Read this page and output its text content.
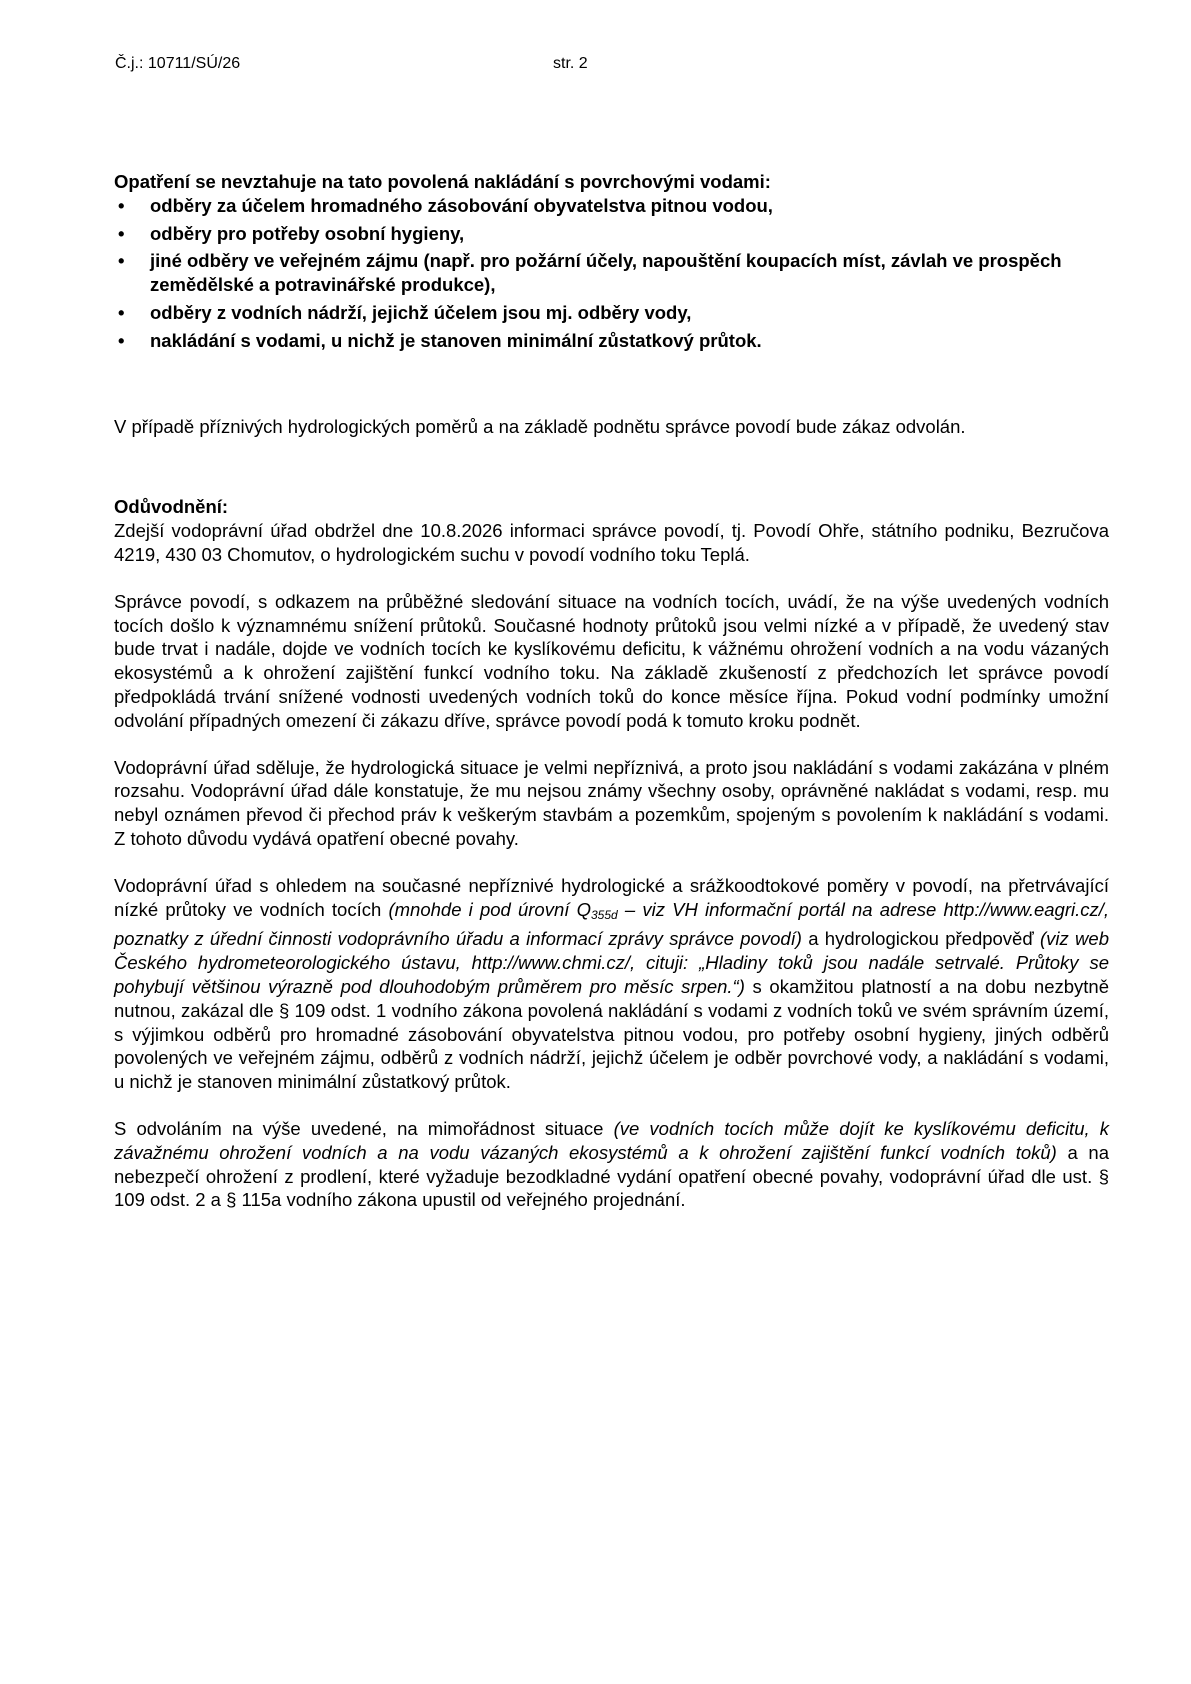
Č.j.: 10711/SÚ/26	str. 2

Opatření se nevztahuje na tato povolená nakládání s povrchovými vodami:

• odběry za účelem hromadného zásobování obyvatelstva pitnou vodou,
• odběry pro potřeby osobní hygieny,
• jiné odběry ve veřejném zájmu (např. pro požární účely, napouštění koupacích míst, závlah ve prospěch zemědělské a potravinářské produkce),
• odběry z vodních nádrží, jejichž účelem jsou mj. odběry vody,
• nakládání s vodami, u nichž je stanoven minimální zůstatkový průtok.

V případě příznivých hydrologických poměrů a na základě podnětu správce povodí bude zákaz odvolán.

Odůvodnění:

Zdejší vodoprávní úřad obdržel dne 10.8.2026 informaci správce povodí, tj. Povodí Ohře, státního podniku, Bezručova 4219, 430 03 Chomutov, o hydrologickém suchu v povodí vodního toku Teplá.

Správce povodí, s odkazem na průběžné sledování situace na vodních tocích, uvádí, že na výše uvedených vodních tocích došlo k významnému snížení průtoků. Současné hodnoty průtoků jsou velmi nízké a v případě, že uvedený stav bude trvat i nadále, dojde ve vodních tocích ke kyslíkovému deficitu, k vážnému ohrožení vodních a na vodu vázaných ekosystémů a k ohrožení zajištění funkcí vodního toku. Na základě zkušeností z předchozích let správce povodí předpokládá trvání snížené vodnosti uvedených vodních toků do konce měsíce října. Pokud vodní podmínky umožní odvolání případných omezení či zákazu dříve, správce povodí podá k tomuto kroku podnět.

Vodoprávní úřad sděluje, že hydrologická situace je velmi nepříznivá, a proto jsou nakládání s vodami zakázána v plném rozsahu. Vodoprávní úřad dále konstatuje, že mu nejsou známy všechny osoby, oprávněné nakládat s vodami, resp. mu nebyl oznámen převod či přechod práv k veškerým stavbám a pozemkům, spojeným s povolením k nakládání s vodami. Z tohoto důvodu vydává opatření obecné povahy.

Vodoprávní úřad s ohledem na současné nepříznivé hydrologické a srážkoodtokové poměry v povodí, na přetrvávající nízké průtoky ve vodních tocích (mnohde i pod úrovní $Q_{355d}$ – viz VH informační portál na adrese http://www.eagri.cz/, poznatky z úřední činnosti vodoprávního úřadu a informací zprávy správce povodí) a hydrologickou předpověď (viz web Českého hydrometeorologického ústavu, http://www.chmi.cz/, cituji: „Hladiny toků jsou nadále setrvalé. Průtoky se pohybují většinou výrazně pod dlouhodobým průměrem pro měsíc srpen.“) s okamžitou platností a na dobu nezbytně nutnou, zakázal dle § 109 odst. 1 vodního zákona povolená nakládání s vodami z vodních toků ve svém správním území, s výjimkou odběrů pro hromadné zásobování obyvatelstva pitnou vodou, pro potřeby osobní hygieny, jiných odběrů povolených ve veřejném zájmu, odběrů z vodních nádrží, jejichž účelem je odběr povrchové vody, a nakládání s vodami, u nichž je stanoven minimální zůstatkový průtok.

S odvoláním na výše uvedené, na mimořádnost situace (ve vodních tocích může dojít ke kyslíkovému deficitu, k závažnému ohrožení vodních a na vodu vázaných ekosystémů a k ohrožení zajištění funkcí vodních toků) a na nebezpečí ohrožení z prodlení, které vyžaduje bezodkladné vydání opatření obecné povahy, vodoprávní úřad dle ust. § 109 odst. 2 a § 115a vodního zákona upustil od veřejného projednání.
